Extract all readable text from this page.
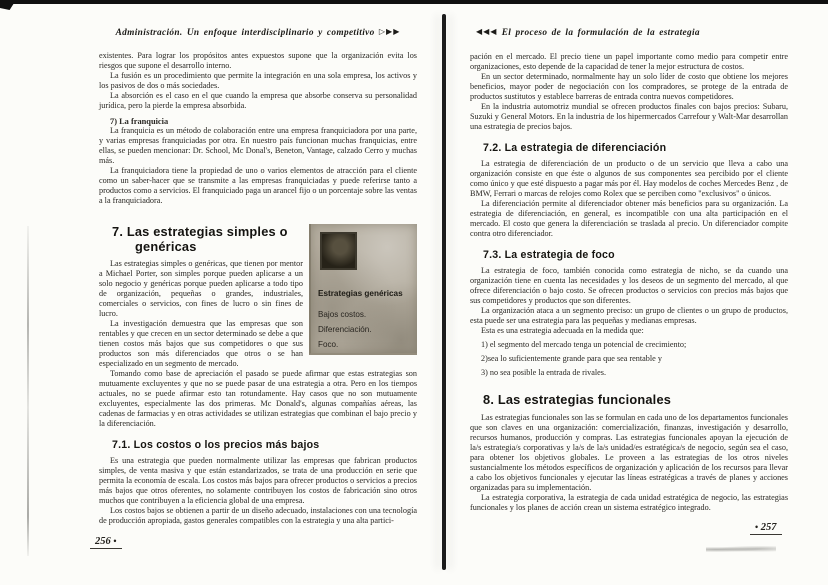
Administración. Un enfoque interdisciplinario y competitivo ▷▶▶

existentes. Para lograr los propósitos antes expuestos supone que la organización evita los riesgos que supone el desarrollo interno.

La fusión es un procedimiento que permite la integración en una sola empresa, los activos y los pasivos de dos o más sociedades.

La absorción es el caso en el que cuando la empresa que absorbe conserva su personalidad jurídica, pero la pierde la empresa absorbida.

7) La franquicia

La franquicia es un método de colaboración entre una empresa franquiciadora por una parte, y varias empresas franquiciadas por otra. En nuestro país funcionan muchas franquicias, entre ellas, se pueden mencionar: Dr. School, Mc Donal's, Beneton, Vantage, calzado Cerro y muchas más.

La franquiciadora tiene la propiedad de uno o varios elementos de atracción para el cliente como un saber-hacer que se transmite a las empresas franquiciadas y puede referirse tanto a productos como a servicios. El franquiciado paga un arancel fijo o un porcentaje sobre las ventas a la franquiciadora.

Estrategias genéricas
Bajos costos.
Diferenciación.
Foco.
7. Las estrategias simples o
genéricas

Las estrategias simples o genéricas, que tienen por mentor a Michael Porter, son simples porque pueden aplicarse a un solo negocio y genéricas porque pueden aplicarse a todo tipo de organización, pequeñas o grandes, industriales, comerciales o servicios, con fines de lucro o sin fines de lucro.

La investigación demuestra que las empresas que son rentables y que crecen en un sector determinado se debe a que tienen costos más bajos que sus competidores o que sus productos son más diferenciados que otros o se han especializado en un segmento de mercado.

Tomando como base de apreciación el pasado se puede afirmar que estas estrategias son mutuamente excluyentes y que no se puede pasar de una estrategia a otra. Pero en los tiempos actuales, no se puede afirmar esto tan rotundamente. Hay casos que no son mutuamente excluyentes, especialmente las dos primeras. Mc Donald's, algunas compañías aéreas, las cadenas de farmacias y en otras actividades se utilizan estrategias que combinan el bajo precio y la diferenciación.

7.1. Los costos o los precios más bajos

Es una estrategia que pueden normalmente utilizar las empresas que fabrican productos simples, de venta masiva y que están estandarizados, se trata de una producción en serie que permita la economía de escala. Los costos más bajos para ofrecer productos o servicios a precios más bajos que otros oferentes, no solamente contribuyen los costos de fabricación sino otros muchos que contribuyen a la eficiencia global de una empresa.

Los costos bajos se obtienen a partir de un diseño adecuado, instalaciones con una tecnología de producción apropiada, gastos generales compatibles con la estrategia y una alta partici-

256 •
◀◀◀ El proceso de la formulación de la estrategia

pación en el mercado. El precio tiene un papel importante como medio para competir entre organizaciones, esto depende de la capacidad de tener la mejor estructura de costos.

En un sector determinado, normalmente hay un solo líder de costo que obtiene los mejores beneficios, mayor poder de negociación con los compradores, se protege de la entrada de productos sustitutos y establece barreras de entrada contra nuevos competidores.

En la industria automotriz mundial se ofrecen productos finales con bajos precios: Subaru, Suzuki y General Motors. En la industria de los hipermercados Carrefour y Walt-Mar desarrollan una estrategia de precios bajos.

7.2. La estrategia de diferenciación

La estrategia de diferenciación de un producto o de un servicio que lleva a cabo una organización consiste en que éste o algunos de sus componentes sea percibido por el cliente como único y que esté dispuesto a pagar más por él. Hay modelos de coches Mercedes Benz , de BMW, Ferrari o marcas de relojes como Rolex que se perciben como "exclusivos" o únicos.

La diferenciación permite al diferenciador obtener más beneficios para su organización. La estrategia de diferenciación, en general, es incompatible con una alta participación en el mercado. El costo que genera la diferenciación se traslada al precio. Un diferenciador compite contra otro diferenciador.

7.3. La estrategia de foco

La estrategia de foco, también conocida como estrategia de nicho, se da cuando una organización tiene en cuenta las necesidades y los deseos de un segmento del mercado, al que ofrece diferenciación o bajo costo. Se ofrecen productos o servicios con precios más bajos que sus competidores y productos que son diferentes.

La organización ataca a un segmento preciso: un grupo de clientes o un grupo de productos, esta puede ser una estrategia para las pequeñas y medianas empresas.

Esta es una estrategia adecuada en la medida que:

1) el segmento del mercado tenga un potencial de crecimiento;

2)sea lo suficientemente grande para que sea rentable y

3) no sea posible la entrada de rivales.

8. Las estrategias funcionales

Las estrategias funcionales son las se formulan en cada uno de los departamentos funcionales que son claves en una organización: comercialización, finanzas, investigación y desarrollo, recursos humanos, producción y compras. Las estrategias funcionales apoyan la ejecución de la/s estrategia/s corporativas y la/s de la/s unidad/es estratégica/s de negocio, según sea el caso, para obtener los objetivos globales. Le proveen a las estrategias de los otros niveles sustancialmente los métodos específicos de organización y aplicación de los recursos para llevar a cabo los objetivos funcionales y ejecutar las líneas estratégicas a través de planes y acciones organizadas para su implementación.

La estrategia corporativa, la estrategia de cada unidad estratégica de negocio, las estrategias funcionales y los planes de acción crean un sistema estratégico integrado.

• 257
